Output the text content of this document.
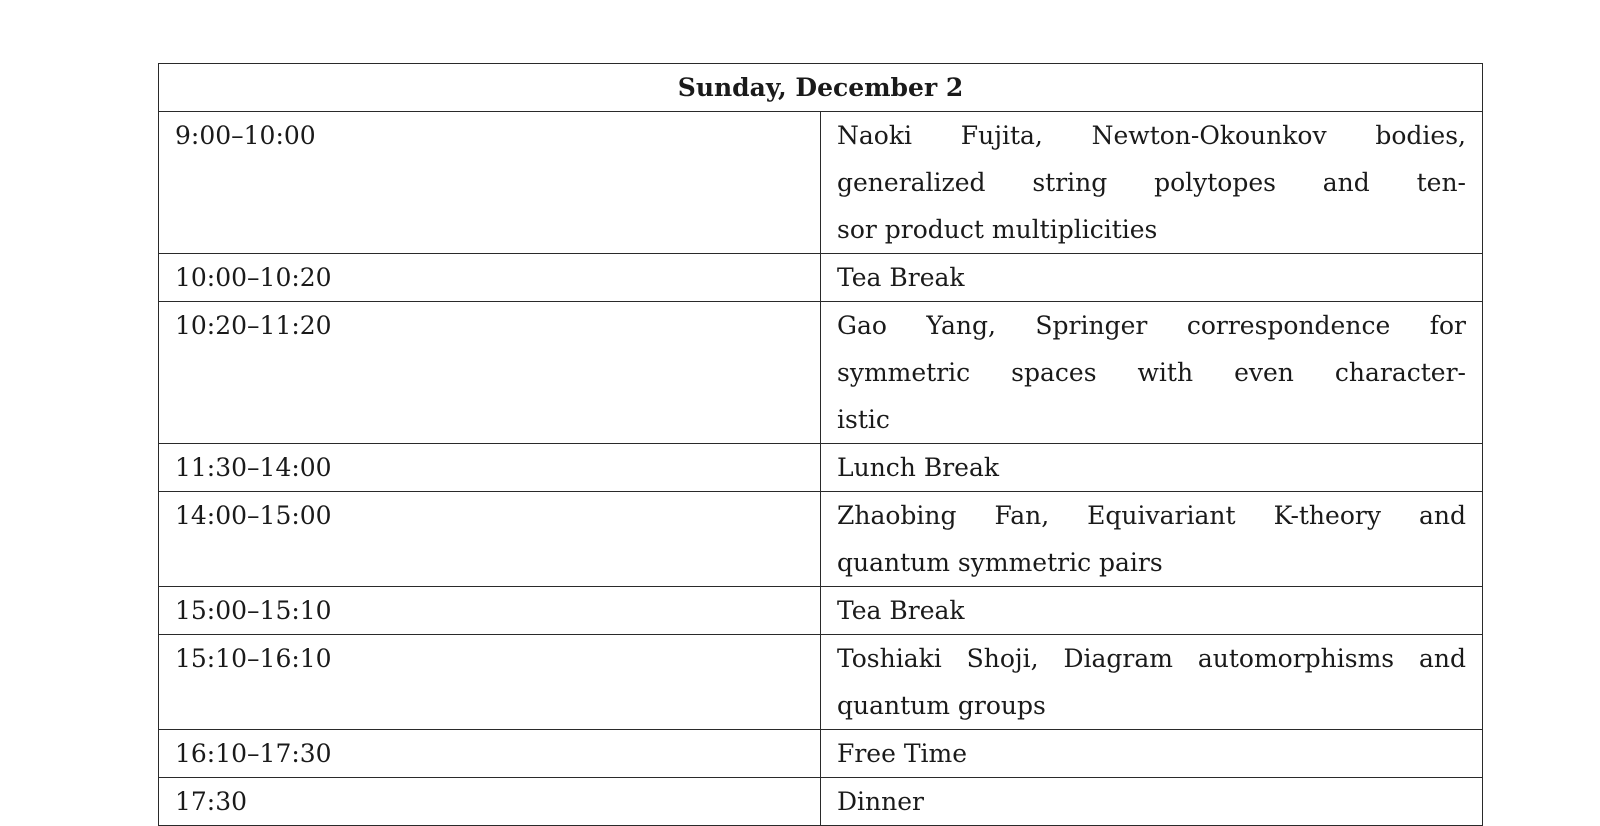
Sunday, December 2	
9:00–10:00	Naoki Fujita, Newton-Okounkov bodies, generalized string polytopes and ten-
sor product multiplicities

10:00–10:20	Tea Break
10:20–11:20	Gao Yang, Springer correspondence for symmetric spaces with even character-
istic

11:30–14:00	Lunch Break
14:00–15:00	Zhaobing Fan, Equivariant K-theory and quantum symmetric pairs
15:00–15:10	Tea Break
15:10–16:10	Toshiaki Shoji, Diagram automorphisms and quantum groups
16:10–17:30	Free Time
17:30	Dinner
